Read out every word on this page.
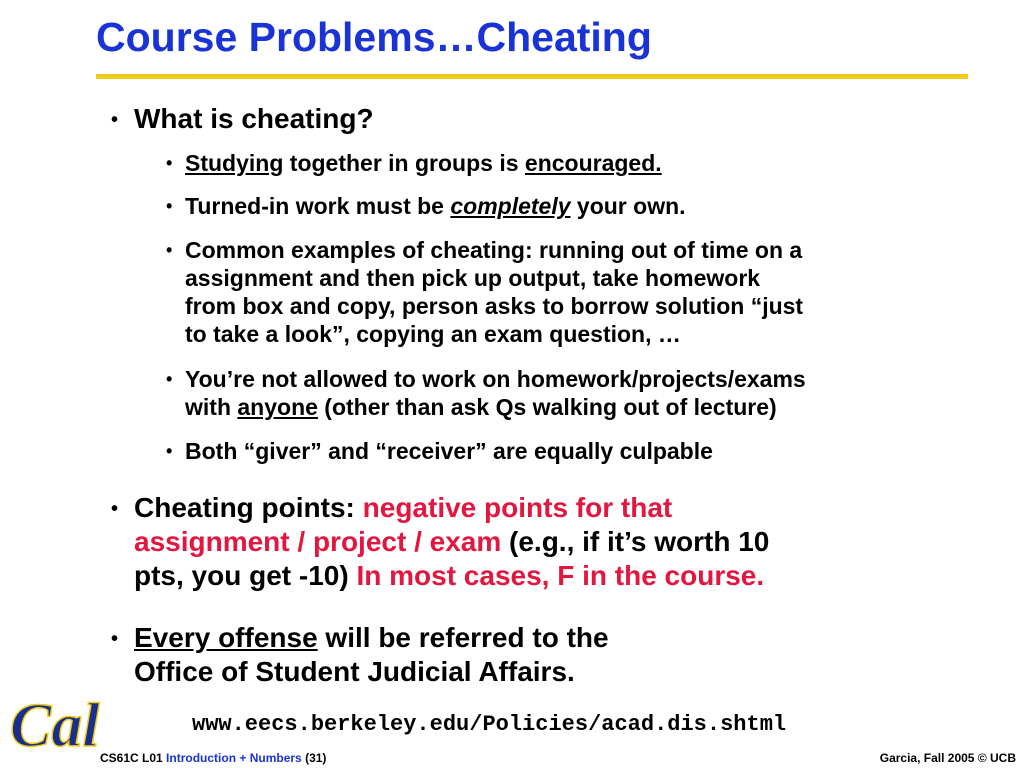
Course Problems…Cheating
• What is cheating?
• Studying together in groups is encouraged.
• Turned-in work must be completely your own.
• Common examples of cheating: running out of time on a
assignment and then pick up output, take homework
from box and copy, person asks to borrow solution “just
to take a look”, copying an exam question, …
• You’re not allowed to work on homework/projects/exams
with anyone (other than ask Qs walking out of lecture)
• Both “giver” and “receiver” are equally culpable
• Cheating points: negative points for that
assignment / project / exam (e.g., if it’s worth 10
pts, you get -10) In most cases, F in the course.
• Every offense will be referred to the
Office of Student Judicial Affairs.
Cal	www.eecs.berkeley.edu/Policies/acad.dis.shtml
CS61C L01 Introduction + Numbers (31)	Garcia, Fall 2005 © UCB
